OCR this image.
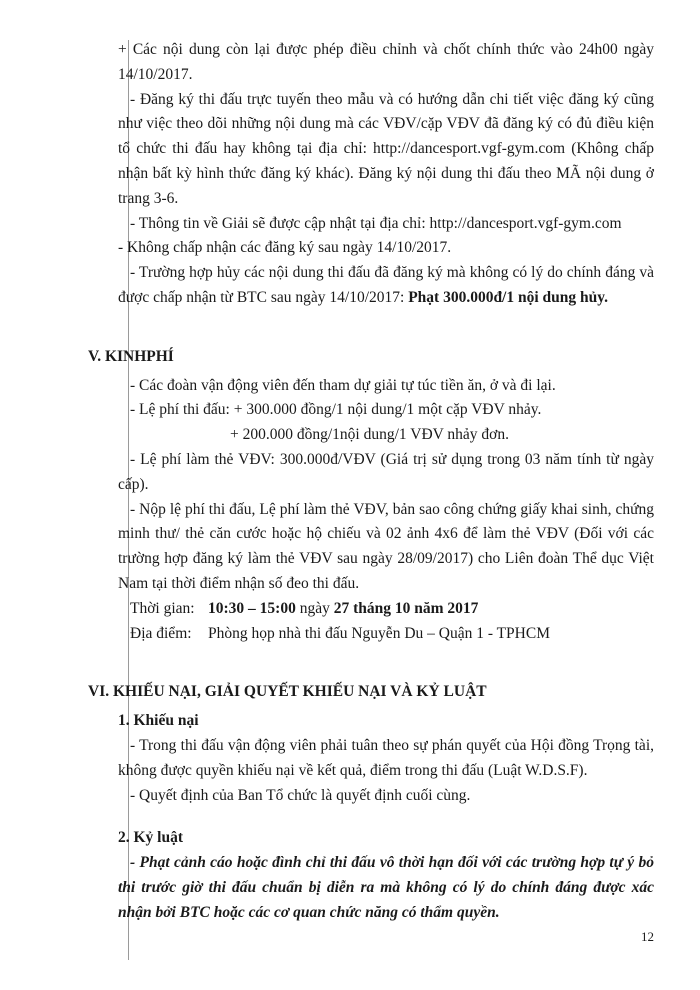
+ Các nội dung còn lại được phép điều chỉnh và chốt chính thức vào 24h00 ngày 14/10/2017.

- Đăng ký thi đấu trực tuyến theo mẫu và có hướng dẫn chi tiết việc đăng ký cũng như việc theo dõi những nội dung mà các VĐV/cặp VĐV đã đăng ký có đủ điều kiện tổ chức thi đấu hay không tại địa chỉ: http://dancesport.vgf-gym.com (Không chấp nhận bất kỳ hình thức đăng ký khác). Đăng ký nội dung thi đấu theo MÃ nội dung ở trang 3-6.

- Thông tin về Giải sẽ được cập nhật tại địa chỉ: http://dancesport.vgf-gym.com

- Không chấp nhận các đăng ký sau ngày 14/10/2017.

- Trường hợp hủy các nội dung thi đấu đã đăng ký mà không có lý do chính đáng và được chấp nhận từ BTC sau ngày 14/10/2017: Phạt 300.000đ/1 nội dung hủy.

V. KINHPHÍ

- Các đoàn vận động viên đến tham dự giải tự túc tiền ăn, ở và đi lại.

- Lệ phí thi đấu: + 300.000 đồng/1 nội dung/1 một cặp VĐV nhảy.

+ 200.000 đồng/1nội dung/1 VĐV nhảy đơn.

- Lệ phí làm thẻ VĐV: 300.000đ/VĐV (Giá trị sử dụng trong 03 năm tính từ ngày cấp).

- Nộp lệ phí thi đấu, Lệ phí làm thẻ VĐV, bản sao công chứng giấy khai sinh, chứng minh thư/ thẻ căn cước hoặc hộ chiếu và 02 ảnh 4x6 để làm thẻ VĐV (Đối với các trường hợp đăng ký làm thẻ VĐV sau ngày 28/09/2017) cho Liên đoàn Thể dục Việt Nam tại thời điểm nhận số đeo thi đấu.

Thời gian: 10:30 – 15:00 ngày 27 tháng 10 năm 2017
Địa điểm:	Phòng họp nhà thi đấu Nguyễn Du – Quận 1 - TPHCM

VI. KHIẾU NẠI, GIẢI QUYẾT KHIẾU NẠI VÀ KỶ LUẬT

1. Khiếu nại

- Trong thi đấu vận động viên phải tuân theo sự phán quyết của Hội đồng Trọng tài, không được quyền khiếu nại về kết quả, điểm trong thi đấu (Luật W.D.S.F).

- Quyết định của Ban Tổ chức là quyết định cuối cùng.

2. Kỷ luật

- Phạt cảnh cáo hoặc đình chỉ thi đấu vô thời hạn đối với các trường hợp tự ý bỏ thi trước giờ thi đấu chuẩn bị diễn ra mà không có lý do chính đáng được xác nhận bởi BTC hoặc các cơ quan chức năng có thẩm quyền.

12
